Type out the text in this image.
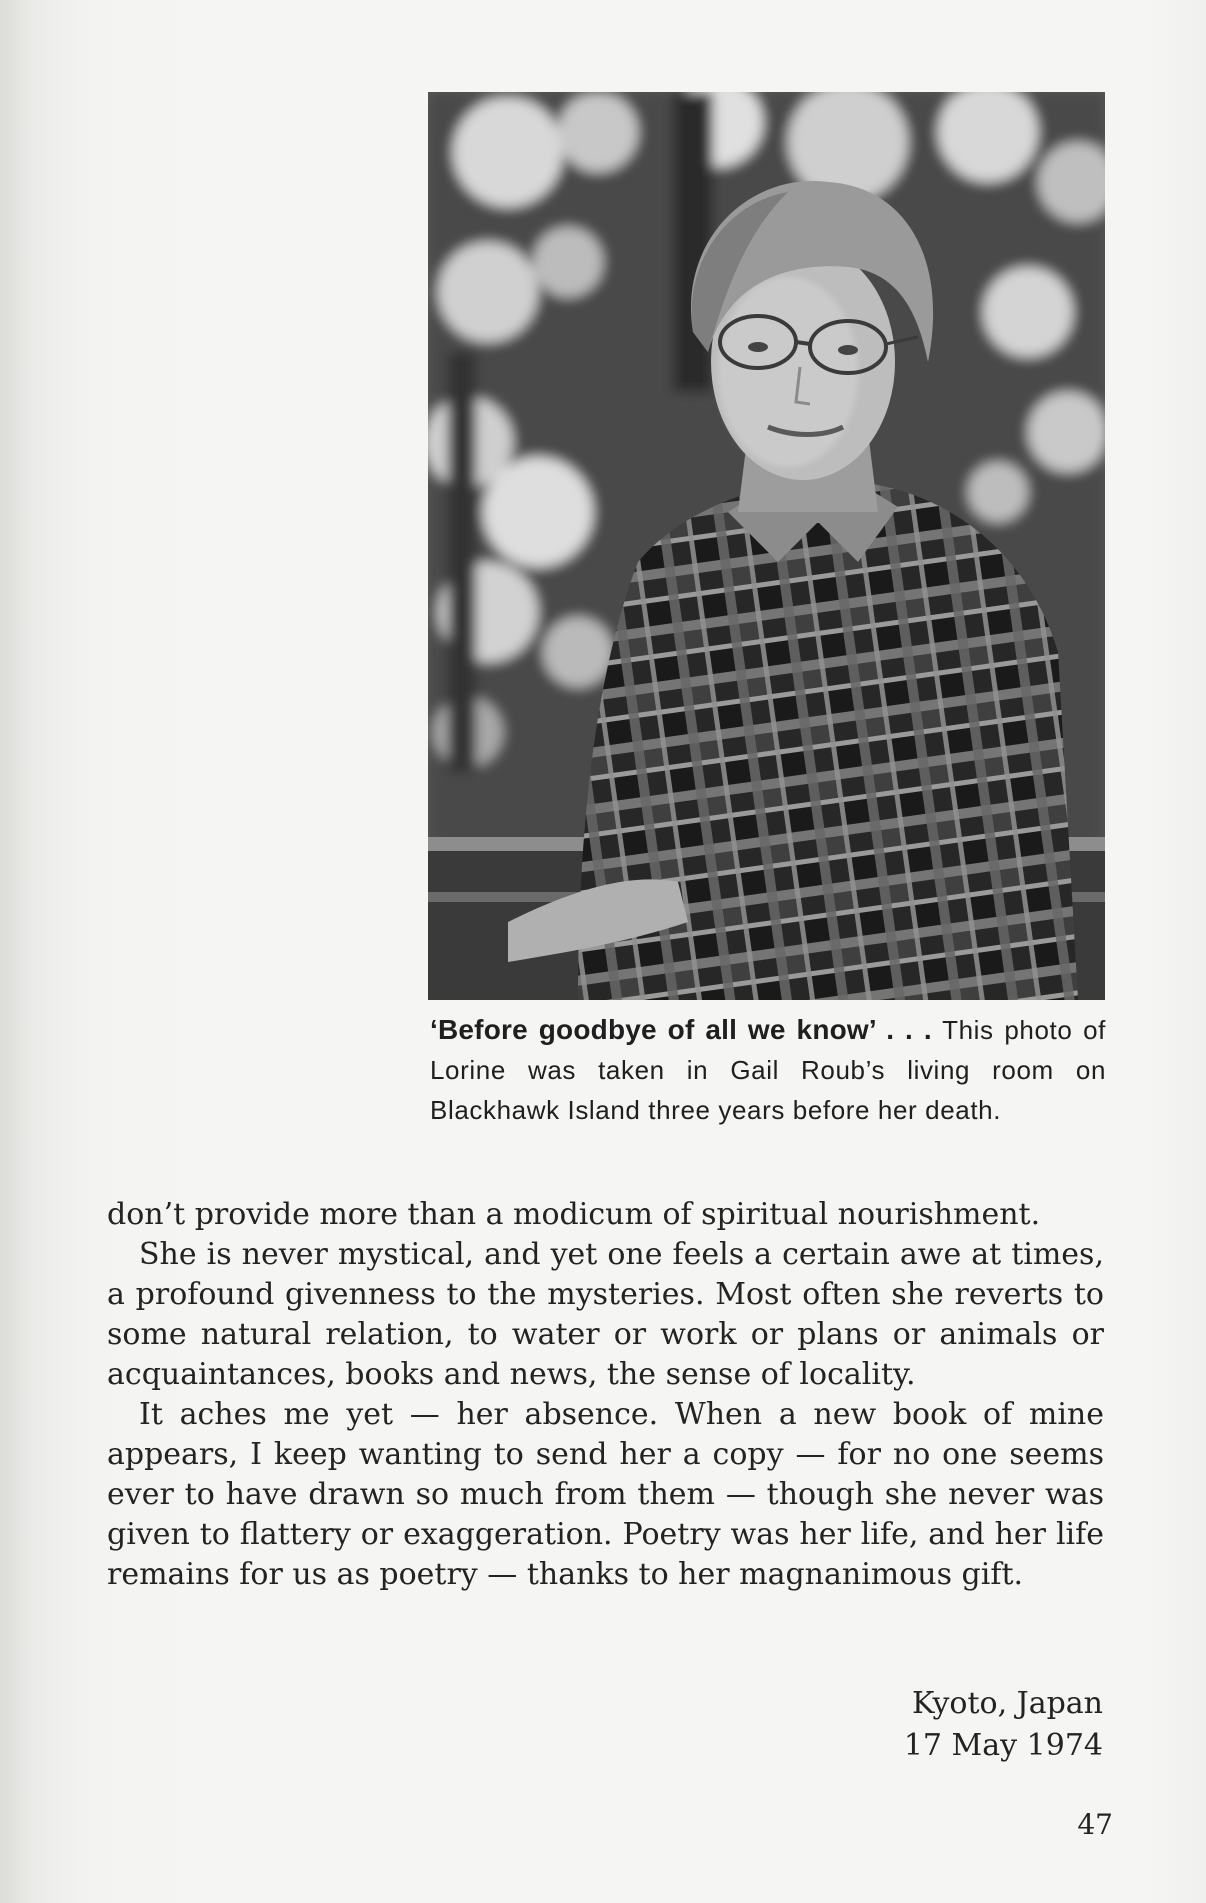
‘Before goodbye of all we know’ . . . This photo of Lorine was taken in Gail Roub’s living room on Blackhawk Island three years before her death.

don’t provide more than a modicum of spiritual nourishment.

She is never mystical, and yet one feels a certain awe at times, a profound givenness to the mysteries. Most often she reverts to some natural relation, to water or work or plans or animals or acquaintances, books and news, the sense of locality.

It aches me yet — her absence. When a new book of mine appears, I keep wanting to send her a copy — for no one seems ever to have drawn so much from them — though she never was given to flattery or exaggeration. Poetry was her life, and her life remains for us as poetry — thanks to her magnanimous gift.

Kyoto, Japan
17 May 1974
47
